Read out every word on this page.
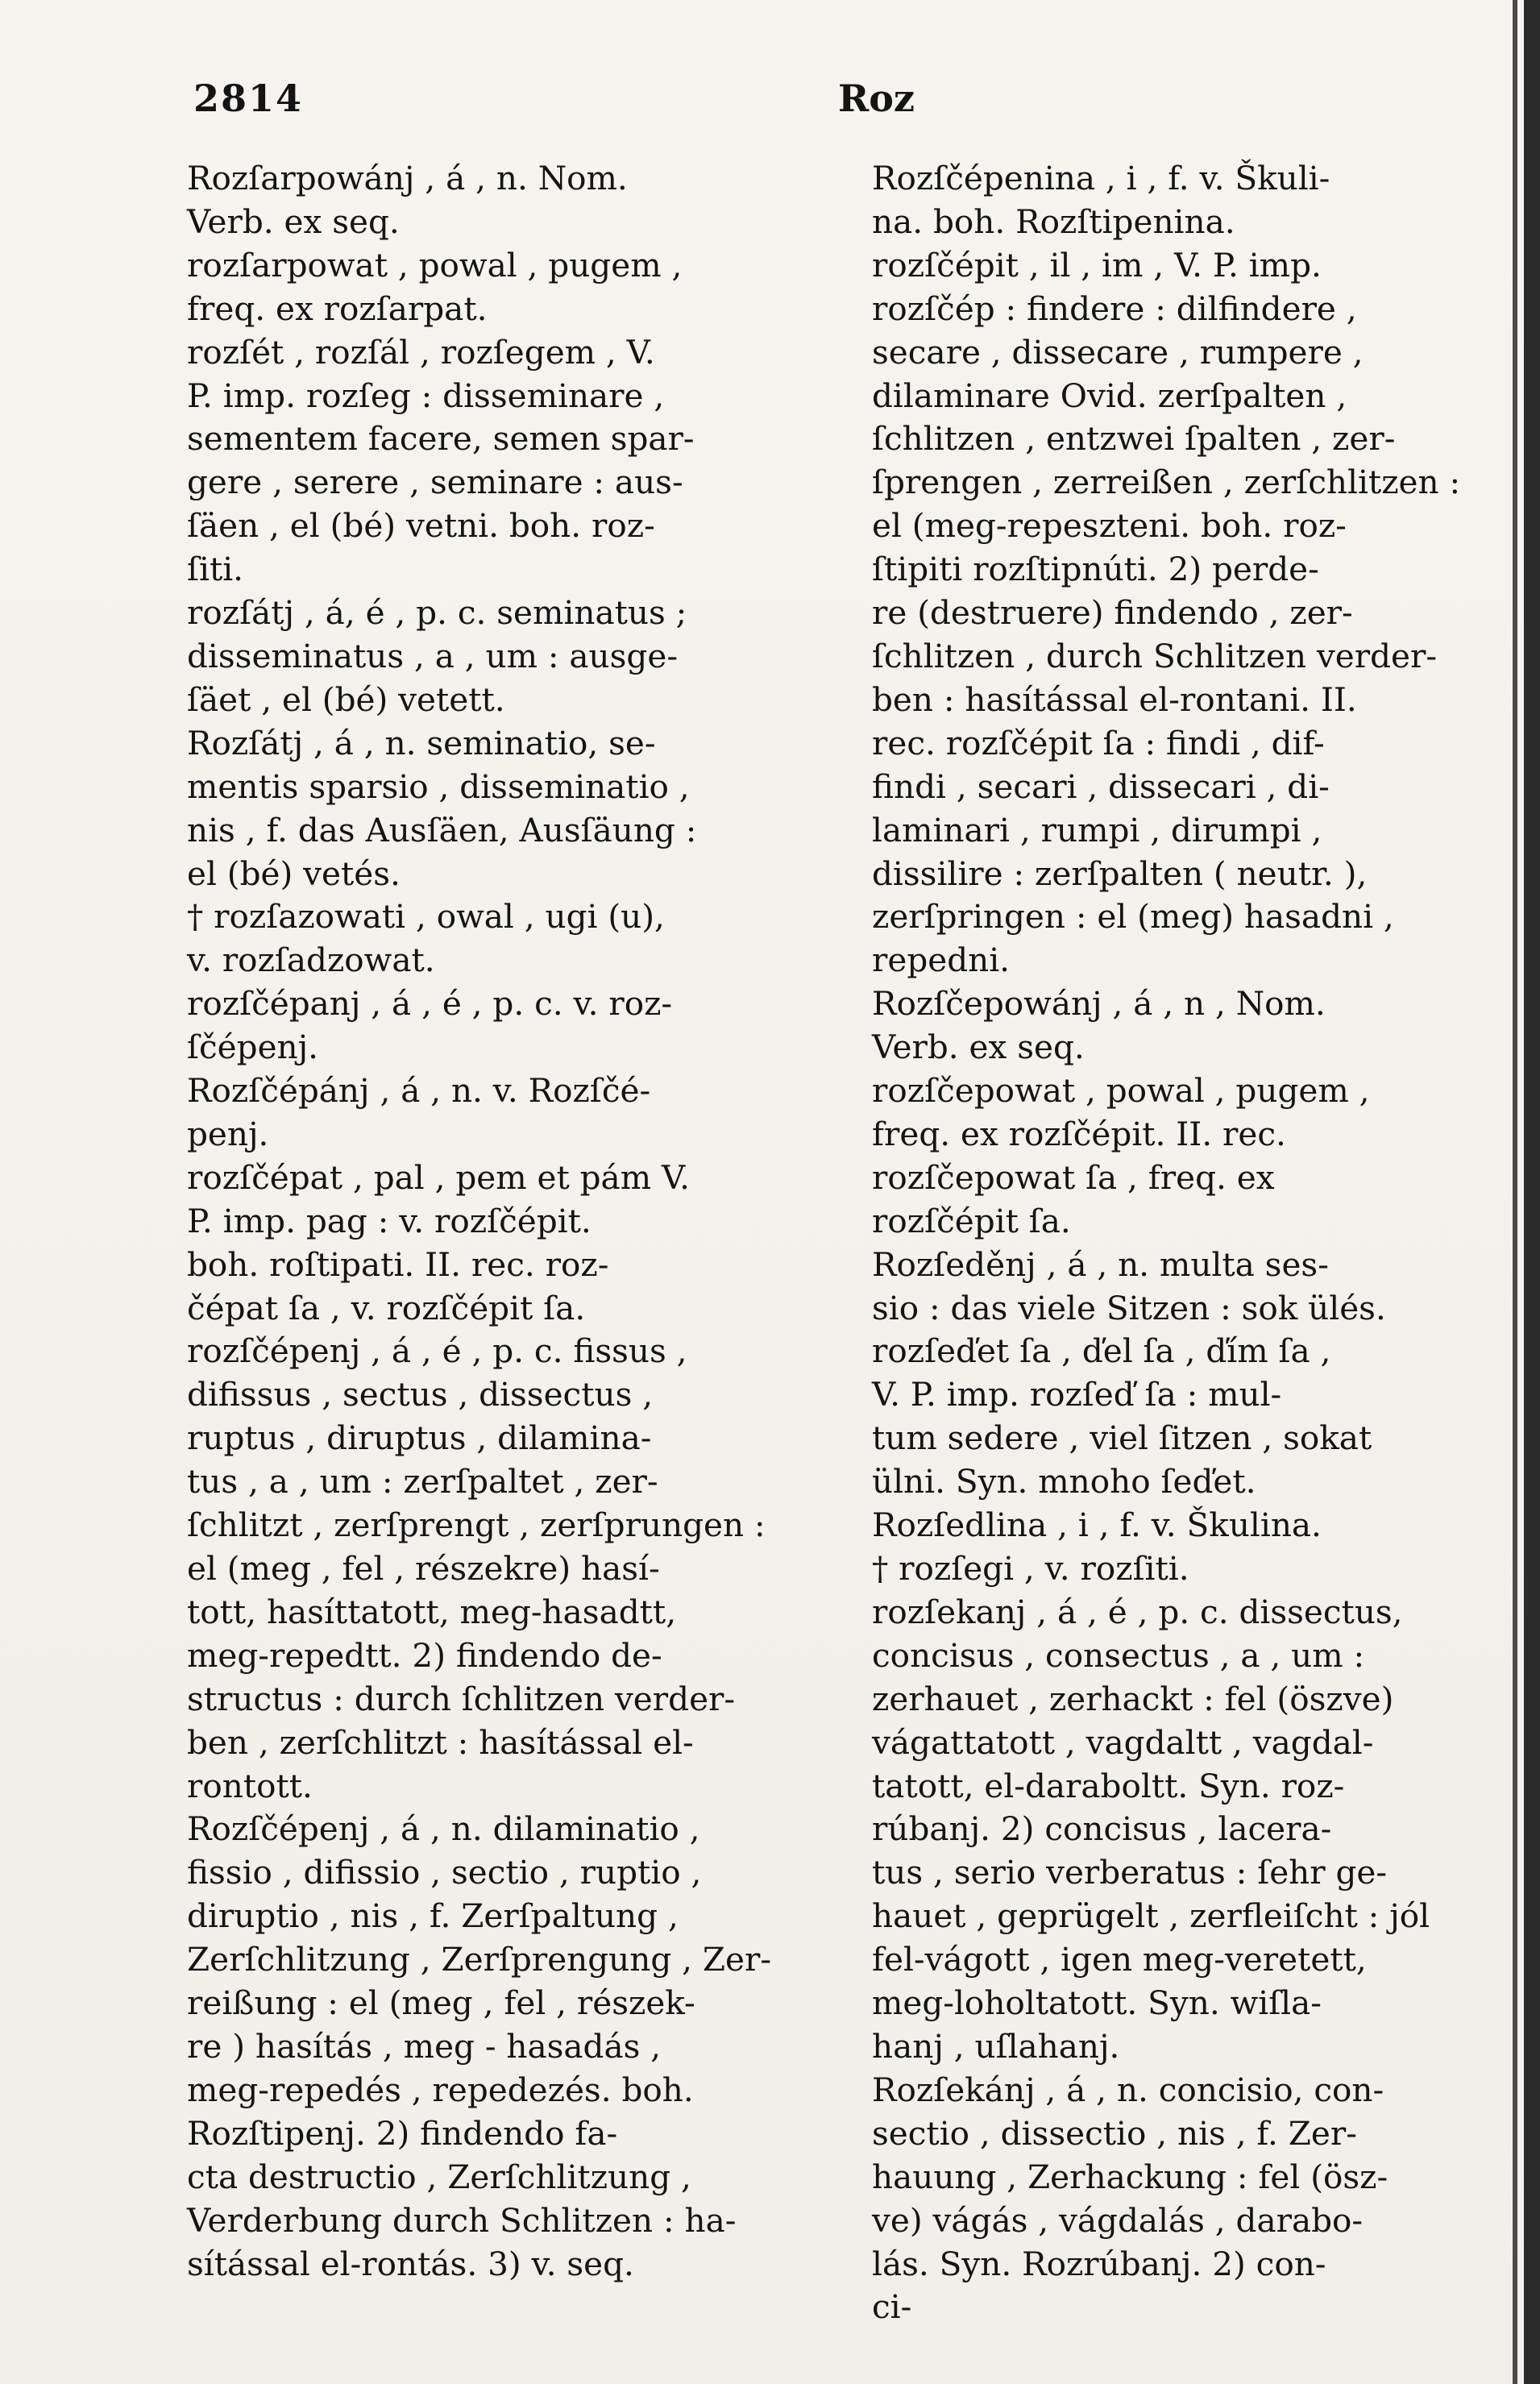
2814	Roz
Rozſarpowánj , á , n. Nom.
Verb. ex seq.
rozſarpowat , powal , pugem ,
freq. ex rozſarpat.
rozſét , rozſál , rozſegem , V.
P. imp. rozſeg : disseminare ,
sementem facere, semen spar-
gere , serere , seminare : aus-
ſäen , el (bé) vetni. boh. roz-
ſiti.
rozſátj , á, é , p. c. seminatus ;
disseminatus , a , um : ausge-
ſäet , el (bé) vetett.
Rozſátj , á , n. seminatio, se-
mentis sparsio , disseminatio ,
nis , f. das Ausſäen, Ausſäung :
el (bé) vetés.
† rozſazowati , owal , ugi (u),
v. rozſadzowat.
rozſčépanj , á , é , p. c. v. roz-
ſčépenj.
Rozſčépánj , á , n. v. Rozſčé-
penj.
rozſčépat , pal , pem et pám V.
P. imp. pag : v. rozſčépit.
boh. roſtipati. II. rec. roz-
čépat ſa , v. rozſčépit ſa.
rozſčépenj , á , é , p. c. fissus ,
difissus , sectus , dissectus ,
ruptus , diruptus , dilamina-
tus , a , um : zerſpaltet , zer-
ſchlitzt , zerſprengt , zerſprungen :
el (meg , fel , részekre) hasí-
tott, hasíttatott, meg-hasadtt,
meg-repedtt. 2) findendo de-
structus : durch ſchlitzen verder-
ben , zerſchlitzt : hasítással el-
rontott.
Rozſčépenj , á , n. dilaminatio ,
fissio , difissio , sectio , ruptio ,
diruptio , nis , f. Zerſpaltung ,
Zerſchlitzung , Zerſprengung , Zer-
reißung : el (meg , fel , részek-
re ) hasítás , meg - hasadás ,
meg-repedés , repedezés. boh.
Rozſtipenj. 2) findendo fa-
cta destructio , Zerſchlitzung ,
Verderbung durch Schlitzen : ha-
sítással el-rontás. 3) v. seq.
Rozſčépenina , i , f. v. Škuli-
na. boh. Rozſtipenina.
rozſčépit , il , im , V. P. imp.
rozſčép : findere : dilfindere ,
secare , dissecare , rumpere ,
dilaminare Ovid. zerſpalten ,
ſchlitzen , entzwei ſpalten , zer-
ſprengen , zerreißen , zerſchlitzen :
el (meg-repeszteni. boh. roz-
ſtipiti rozſtipnúti. 2) perde-
re (destruere) findendo , zer-
ſchlitzen , durch Schlitzen verder-
ben : hasítással el-rontani. II.
rec. rozſčépit ſa : findi , dif-
findi , secari , dissecari , di-
laminari , rumpi , dirumpi ,
dissilire : zerſpalten ( neutr. ),
zerſpringen : el (meg) hasadni ,
repedni.
Rozſčepowánj , á , n , Nom.
Verb. ex seq.
rozſčepowat , powal , pugem ,
freq. ex rozſčépit. II. rec.
rozſčepowat ſa , freq. ex
rozſčépit ſa.
Rozſeděnj , á , n. multa ses-
sio : das viele Sitzen : sok ülés.
rozſeďet ſa , ďel ſa , ďím ſa ,
V. P. imp. rozſeď ſa : mul-
tum sedere , viel ſitzen , sokat
ülni. Syn. mnoho ſeďet.
Rozſedlina , i , f. v. Škulina.
† rozſegi , v. rozſiti.
rozſekanj , á , é , p. c. dissectus,
concisus , consectus , a , um :
zerhauet , zerhackt : fel (öszve)
vágattatott , vagdaltt , vagdal-
tatott, el-daraboltt. Syn. roz-
rúbanj. 2) concisus , lacera-
tus , serio verberatus : ſehr ge-
hauet , geprügelt , zerfleiſcht : jól
fel-vágott , igen meg-veretett,
meg-loholtatott. Syn. wiſla-
hanj , uſlahanj.
Rozſekánj , á , n. concisio, con-
sectio , dissectio , nis , f. Zer-
hauung , Zerhackung : fel (ösz-
ve) vágás , vágdalás , darabo-
lás. Syn. Rozrúbanj. 2) con-
ci-
